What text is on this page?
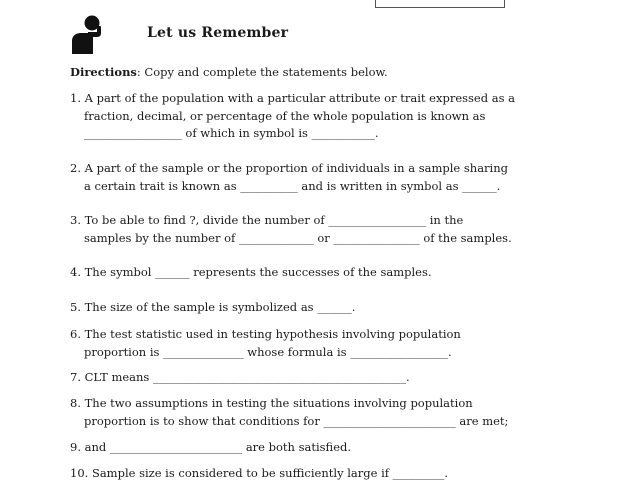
Let us Remember
Directions: Copy and complete the statements below.
1. A part of the population with a particular attribute or trait expressed as a
fraction, decimal, or percentage of the whole population is known as
_________________ of which in symbol is ___________.
2. A part of the sample or the proportion of individuals in a sample sharing
a certain trait is known as __________ and is written in symbol as ______.
3. To be able to find ?, divide the number of _________________ in the
samples by the number of _____________ or _______________ of the samples.
4. The symbol ______ represents the successes of the samples.
5. The size of the sample is symbolized as ______.
6. The test statistic used in testing hypothesis involving population
proportion is ______________ whose formula is _________________.
7. CLT means ____________________________________________.
8. The two assumptions in testing the situations involving population
proportion is to show that conditions for _______________________ are met;
9. and _______________________ are both satisfied.
10. Sample size is considered to be sufficiently large if _________.
